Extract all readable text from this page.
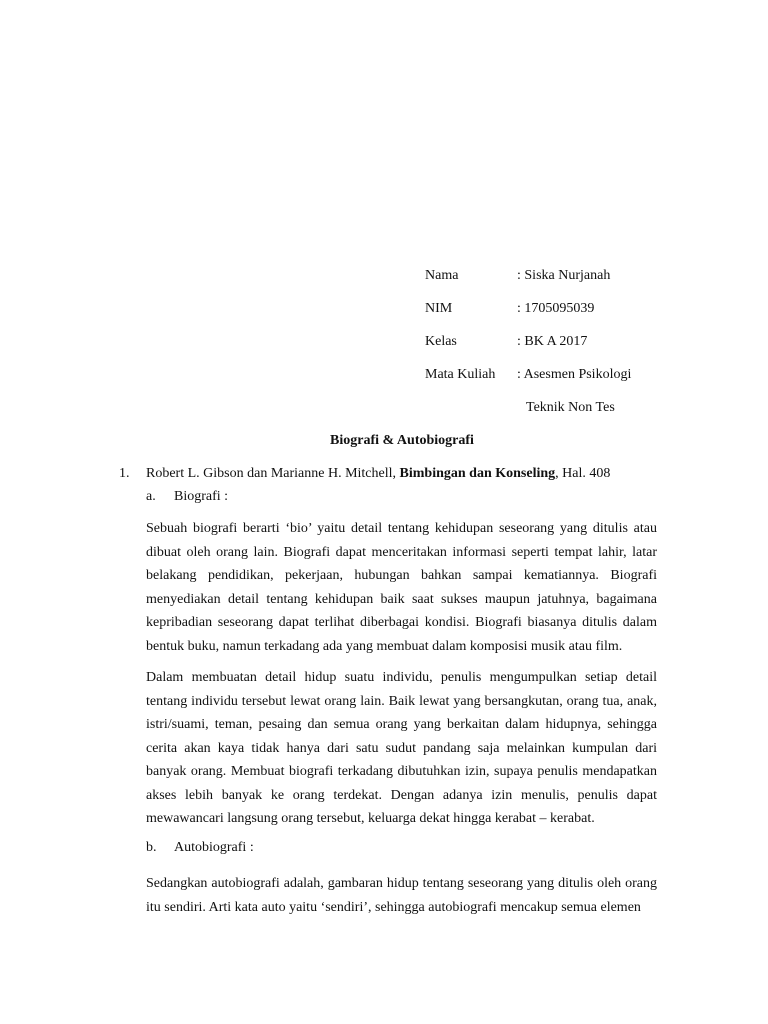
Nama	: Siska Nurjanah
NIM	: 1705095039
Kelas	: BK A 2017
Mata Kuliah : Asesmen Psikologi
Teknik Non Tes
Biografi & Autobiografi
1. Robert L. Gibson dan Marianne H. Mitchell, Bimbingan dan Konseling, Hal. 408
a. Biografi :

Sebuah biografi berarti ‘bio’ yaitu detail tentang kehidupan seseorang yang ditulis atau dibuat oleh orang lain. Biografi dapat menceritakan informasi seperti tempat lahir, latar belakang pendidikan, pekerjaan, hubungan bahkan sampai kematiannya. Biografi menyediakan detail tentang kehidupan baik saat sukses maupun jatuhnya, bagaimana kepribadian seseorang dapat terlihat diberbagai kondisi. Biografi biasanya ditulis dalam bentuk buku, namun terkadang ada yang membuat dalam komposisi musik atau film.

Dalam membuatan detail hidup suatu individu, penulis mengumpulkan setiap detail tentang individu tersebut lewat orang lain. Baik lewat yang bersangkutan, orang tua, anak, istri/suami, teman, pesaing dan semua orang yang berkaitan dalam hidupnya, sehingga cerita akan kaya tidak hanya dari satu sudut pandang saja melainkan kumpulan dari banyak orang. Membuat biografi terkadang dibutuhkan izin, supaya penulis mendapatkan akses lebih banyak ke orang terdekat. Dengan adanya izin menulis, penulis dapat mewawancari langsung orang tersebut, keluarga dekat hingga kerabat – kerabat.

b. Autobiografi :

Sedangkan autobiografi adalah, gambaran hidup tentang seseorang yang ditulis oleh orang itu sendiri. Arti kata auto yaitu ‘sendiri’, sehingga autobiografi mencakup semua elemen
